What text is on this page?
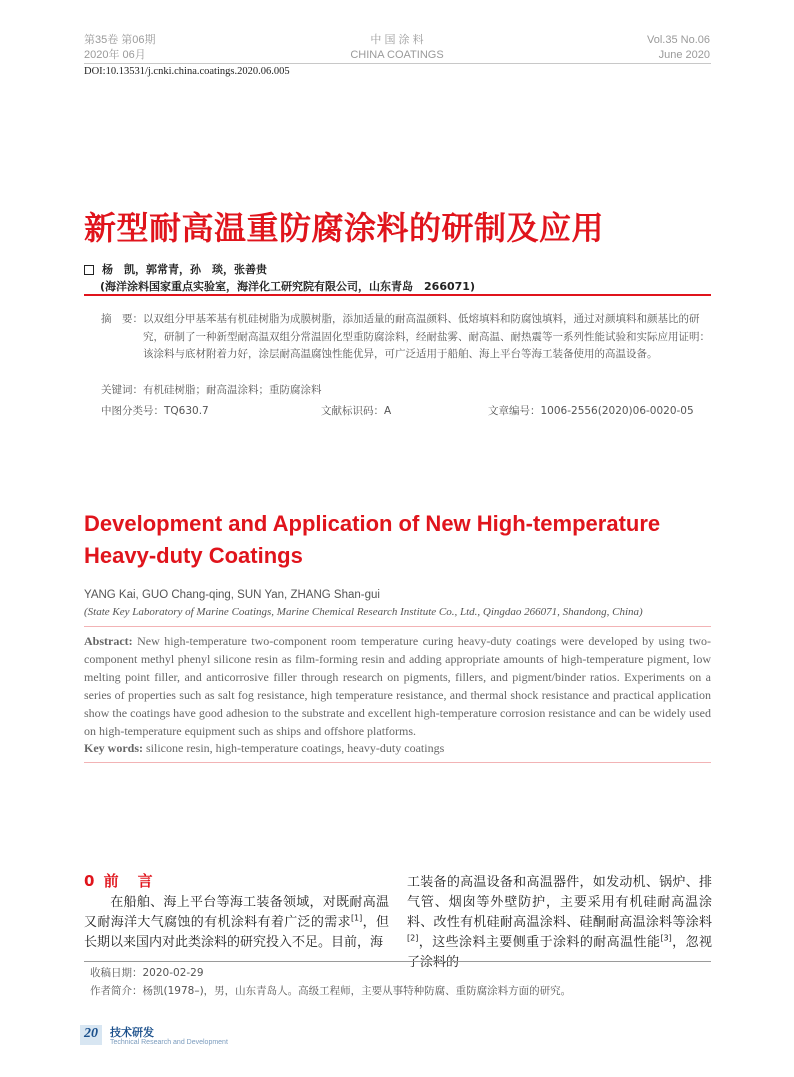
第35卷 第06期
2020年 06月
中 国 涂 料
CHINA COATINGS
Vol.35 No.06
June 2020
DOI:10.13531/j.cnki.china.coatings.2020.06.005
新型耐高温重防腐涂料的研制及应用
杨　凯，郭常青，孙　琰，张善贵
(海洋涂料国家重点实验室，海洋化工研究院有限公司，山东青岛　266071)
摘　要：以双组分甲基苯基有机硅树脂为成膜树脂，添加适量的耐高温颜料、低熔填料和防腐蚀填料，通过对颜填料和颜基比的研究，研制了一种新型耐高温双组分常温固化型重防腐涂料，经耐盐雾、耐高温、耐热震等一系列性能试验和实际应用证明：该涂料与底材附着力好，涂层耐高温腐蚀性能优异，可广泛适用于船舶、海上平台等海工装备使用的高温设备。
关键词：有机硅树脂；耐高温涂料；重防腐涂料
中图分类号：TQ630.7	文献标识码：A	文章编号：1006-2556(2020)06-0020-05
Development and Application of New High-temperature Heavy-duty Coatings
YANG Kai, GUO Chang-qing, SUN Yan, ZHANG Shan-gui
(State Key Laboratory of Marine Coatings, Marine Chemical Research Institute Co., Ltd., Qingdao 266071, Shandong, China)
Abstract: New high-temperature two-component room temperature curing heavy-duty coatings were developed by using two-component methyl phenyl silicone resin as film-forming resin and adding appropriate amounts of high-temperature pigment, low melting point filler, and anticorrosive filler through research on pigments, fillers, and pigment/binder ratios. Experiments on a series of properties such as salt fog resistance, high temperature resistance, and thermal shock resistance and practical application show the coatings have good adhesion to the substrate and excellent high-temperature corrosion resistance and can be widely used on high-temperature equipment such as ships and offshore platforms.
Key words: silicone resin, high-temperature coatings, heavy-duty coatings
0 前　言
在船舶、海上平台等海工装备领域，对既耐高温又耐海洋大气腐蚀的有机涂料有着广泛的需求[1]，但长期以来国内对此类涂料的研究投入不足。目前，海
工装备的高温设备和高温器件，如发动机、锅炉、排气管、烟囱等外壁防护，主要采用有机硅耐高温涂料、改性有机硅耐高温涂料、硅酮耐高温涂料等涂料[2]，这些涂料主要侧重于涂料的耐高温性能[3]，忽视了涂料的
收稿日期：2020-02-29
作者简介：杨凯(1978–)，男，山东青岛人。高级工程师，主要从事特种防腐、重防腐涂料方面的研究。
20	技术研发
Technical Research and Development
